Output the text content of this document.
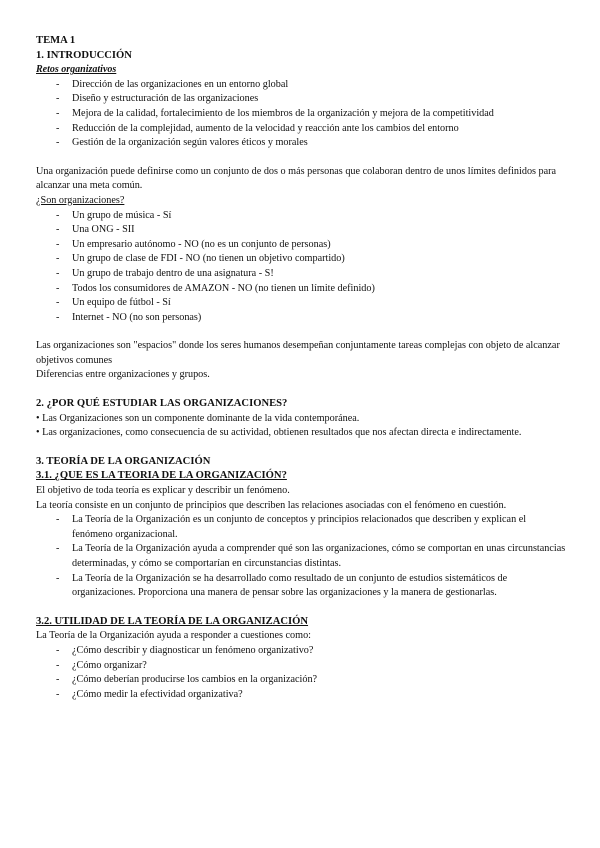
TEMA 1

1. INTRODUCCIÓN

Retos organizativos

- Dirección de las organizaciones en un entorno global
- Diseño y estructuración de las organizaciones
- Mejora de la calidad, fortalecimiento de los miembros de la organización y mejora de la competitividad
- Reducción de la complejidad, aumento de la velocidad y reacción ante los cambios del entorno
- Gestión de la organización según valores éticos y morales

Una organización puede definirse como un conjunto de dos o más personas que colaboran dentro de unos límites definidos para alcanzar una meta común.

¿Son organizaciones?

- Un grupo de música - Sí
- Una ONG - SII
- Un empresario autónomo - NO (no es un conjunto de personas)
- Un grupo de clase de FDI - NO (no tienen un objetivo compartido)
- Un grupo de trabajo dentro de una asignatura - S!
- Todos los consumidores de AMAZON - NO (no tienen un límite definido)
- Un equipo de fútbol - Sí
- Internet - NO (no son personas)

Las organizaciones son "espacios" donde los seres humanos desempeñan conjuntamente tareas complejas con objeto de alcanzar objetivos comunes

Diferencias entre organizaciones y grupos.

2. ¿POR QUÉ ESTUDIAR LAS ORGANIZACIONES?

• Las Organizaciones son un componente dominante de la vida contemporánea.

• Las organizaciones, como consecuencia de su actividad, obtienen resultados que nos afectan directa e indirectamente.

3. TEORÍA DE LA ORGANIZACIÓN

3.1. ¿QUE ES LA TEORIA DE LA ORGANIZACIÓN?

El objetivo de toda teoría es explicar y describir un fenómeno.

La teoría consiste en un conjunto de principios que describen las relaciones asociadas con el fenómeno en cuestión.

- La Teoría de la Organización es un conjunto de conceptos y principios relacionados que describen y explican el fenómeno organizacional.
- La Teoría de la Organización ayuda a comprender qué son las organizaciones, cómo se comportan en unas circunstancias determinadas, y cómo se comportarían en circunstancias distintas.
- La Teoría de la Organización se ha desarrollado como resultado de un conjunto de estudios sistemáticos de organizaciones. Proporciona una manera de pensar sobre las organizaciones y la manera de gestionarlas.

3.2. UTILIDAD DE LA TEORÍA DE LA ORGANIZACIÓN

La Teoría de la Organización ayuda a responder a cuestiones como:

- ¿Cómo describir y diagnosticar un fenómeno organizativo?
- ¿Cómo organizar?
- ¿Cómo deberían producirse los cambios en la organización?
- ¿Cómo medir la efectividad organizativa?
